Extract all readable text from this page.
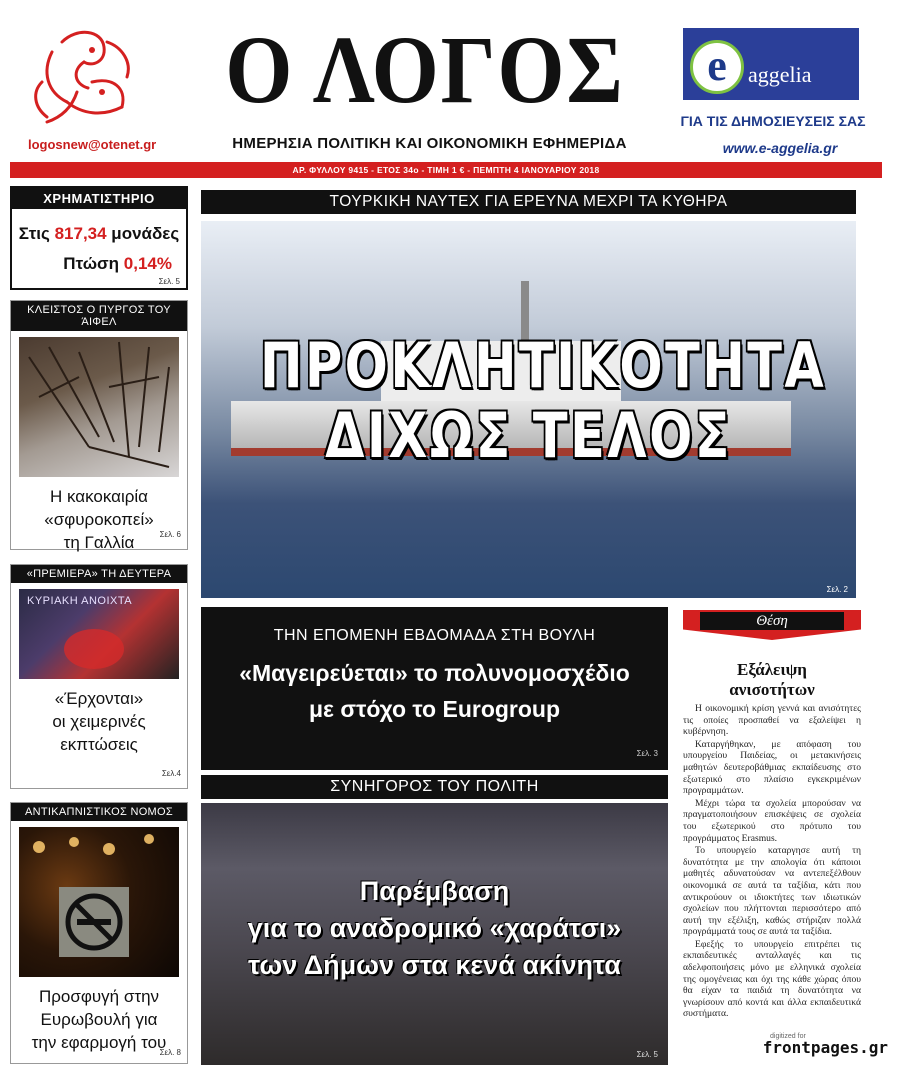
logosnew@otenet.gr
Ο ΛΟΓΟΣ
ΗΜΕΡΗΣΙΑ ΠΟΛΙΤΙΚΗ ΚΑΙ ΟΙΚΟΝΟΜΙΚΗ ΕΦΗΜΕΡΙΔΑ
e aggelia
ΓΙΑ ΤΙΣ ΔΗΜΟΣΙΕΥΣΕΙΣ ΣΑΣ
www.e-aggelia.gr
ΑΡ. ΦΥΛΛΟΥ 9415 - ΕΤΟΣ 34ο - ΤΙΜΗ 1 € - ΠΕΜΠΤΗ 4 ΙΑΝΟΥΑΡΙΟΥ 2018
ΧΡΗΜΑΤΙΣΤΗΡΙΟ
Στις 817,34 μονάδες
Πτώση 0,14%
Σελ. 5
ΚΛΕΙΣΤΟΣ Ο ΠΥΡΓΟΣ ΤΟΥ ΆΙΦΕΛ
Η κακοκαιρία
«σφυροκοπεί»
τη Γαλλία	Σελ. 6
«ΠΡΕΜΙΕΡΑ» ΤΗ ΔΕΥΤΕΡΑ
ΚΥΡΙΑΚΗ ΑΝΟΙΧΤΑ
«Έρχονται»
οι χειμερινές
εκπτώσεις
Σελ.4
ΑΝΤΙΚΑΠΝΙΣΤΙΚΟΣ ΝΟΜΟΣ
Προσφυγή στην
Ευρωβουλή για
την εφαρμογή του
Σελ. 8
ΤΟΥΡΚΙΚΗ ΝΑΥΤΕΧ ΓΙΑ ΕΡΕΥΝΑ ΜΕΧΡΙ ΤΑ ΚΥΘΗΡΑ
ΠΡΟΚΛΗΤΙΚΟΤΗΤΑ
ΔΙΧΩΣ ΤΕΛΟΣ
Σελ. 2
ΤΗΝ ΕΠΟΜΕΝΗ ΕΒΔΟΜΑΔΑ ΣΤΗ ΒΟΥΛΗ
«Μαγειρεύεται» το πολυνομοσχέδιο
με στόχο το Eurogroup
Σελ. 3
ΣΥΝΗΓΟΡΟΣ ΤΟΥ ΠΟΛΙΤΗ
Παρέμβαση
για το αναδρομικό «χαράτσι»
των Δήμων στα κενά ακίνητα
Σελ. 5
Θέση
Εξάλειψη
ανισοτήτων

Η οικονομική κρίση γεννά και ανισότητες τις οποίες προσπαθεί να εξαλείψει η κυβέρνηση.

Καταργήθηκαν, με απόφαση του υπουργείου Παιδείας, οι μετακινήσεις μαθητών δευτεροβάθμιας εκπαίδευσης στο εξωτερικό στο πλαίσιο εγκεκριμένων προγραμμάτων.

Μέχρι τώρα τα σχολεία μπορούσαν να πραγματοποιήσουν επισκέψεις σε σχολεία του εξωτερικού στο πρότυπο του προγράμματος Erasmus.

Το υπουργείο καταργησε αυτή τη δυνατότητα με την απολογία ότι κάποιοι μαθητές αδυνατούσαν να αντεπεξέλθουν οικονομικά σε αυτά τα ταξίδια, κάτι που αντικρούουν οι ιδιοκτήτες των ιδιωτικών σχολείων που πλήττονται περισσότερο από αυτή την εξέλιξη, καθώς στήριζαν πολλά προγράμματά τους σε αυτά τα ταξίδια.

Εφεξής το υπουργείο επιτρέπει τις εκπαιδευτικές ανταλλαγές και τις αδελφοποιήσεις μόνο με ελληνικά σχολεία της ομογένειας και όχι της κάθε χώρας όπου θα είχαν τα παιδιά τη δυνατότητα να γνωρίσουν από κοντά και άλλα εκπαιδευτικά συστήματα.

digitized for
frontpages.gr
